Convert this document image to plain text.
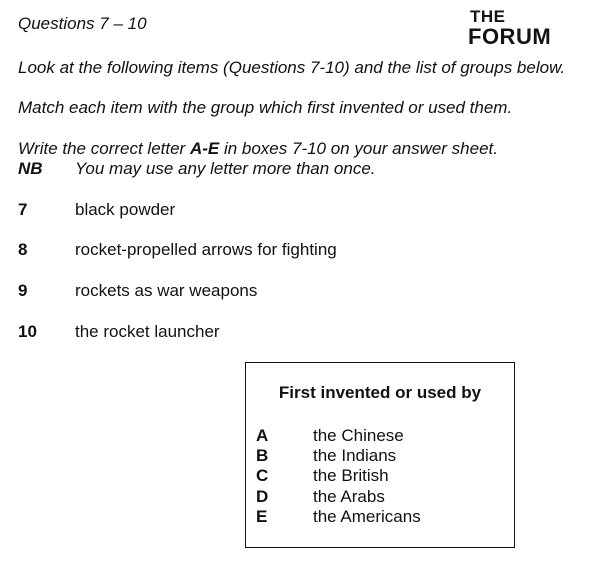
Questions 7 – 10	THE
FORUM
Look at the following items (Questions 7-10) and the list of groups below.
Match each item with the group which first invented or used them.
Write the correct letter A-E in boxes 7-10 on your answer sheet.
NB You may use any letter more than once.
7	black powder
8	rocket-propelled arrows for fighting
9	rockets as war weapons
10 the rocket launcher
First invented or used by
A	the Chinese
B	the Indians
C	the British
D	the Arabs
E	the Americans
